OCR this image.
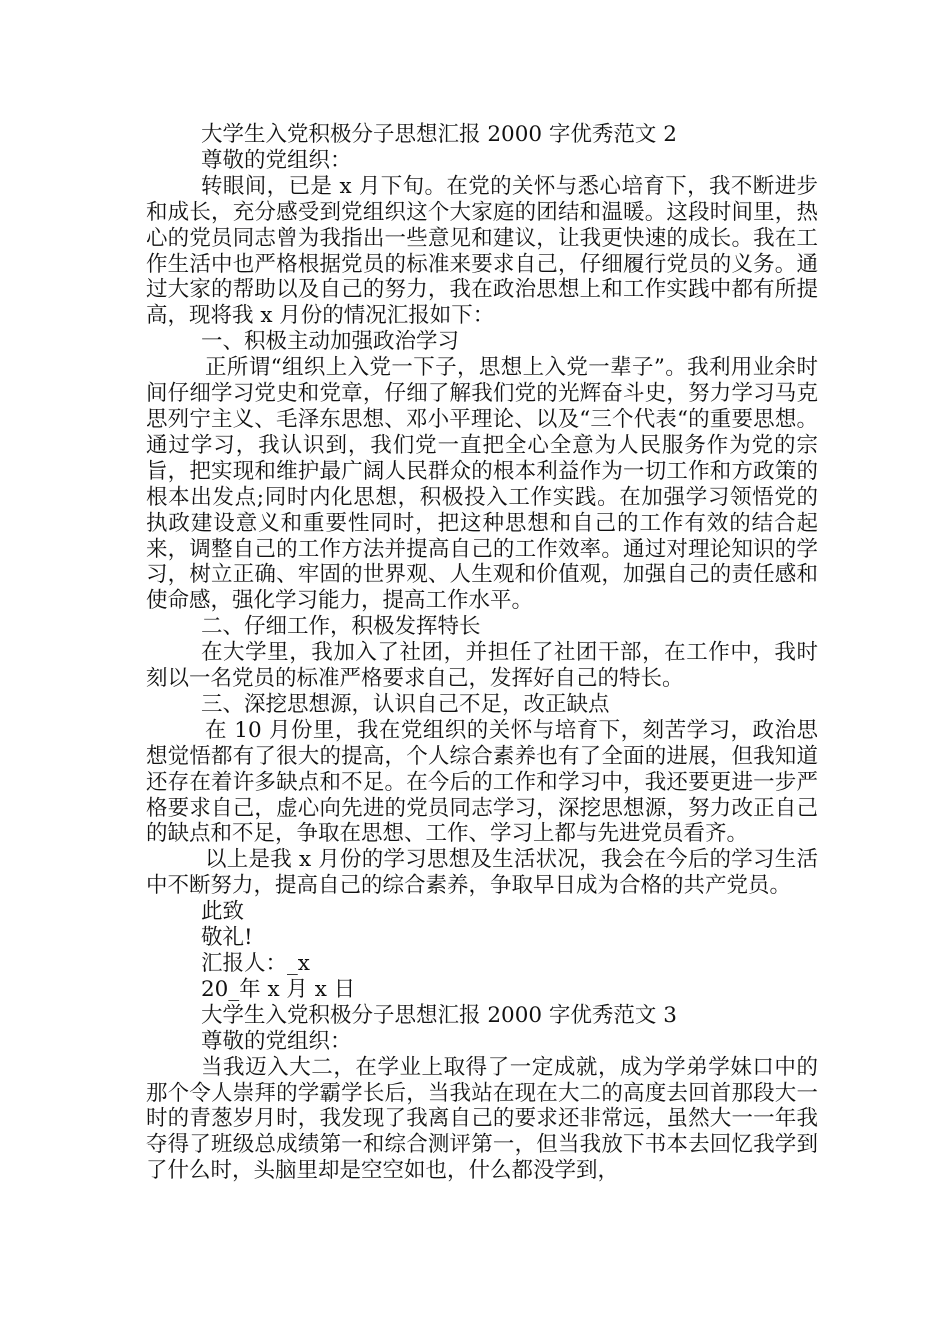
大学生入党积极分子思想汇报 2000 字优秀范文 2

尊敬的党组织：

转眼间，已是 x 月下旬。在党的关怀与悉心培育下，我不断进步和成长，充分感受到党组织这个大家庭的团结和温暖。这段时间里，热心的党员同志曾为我指出一些意见和建议，让我更快速的成长。我在工作生活中也严格根据党员的标准来要求自己，仔细履行党员的义务。通过大家的帮助以及自己的努力，我在政治思想上和工作实践中都有所提高，现将我 x 月份的情况汇报如下：

一、积极主动加强政治学习

正所谓“组织上入党一下子，思想上入党一辈子”。我利用业余时间仔细学习党史和党章，仔细了解我们党的光辉奋斗史，努力学习马克思列宁主义、毛泽东思想、邓小平理论、以及“三个代表“的重要思想。通过学习，我认识到，我们党一直把全心全意为人民服务作为党的宗旨，把实现和维护最广阔人民群众的根本利益作为一切工作和方政策的根本出发点;同时内化思想，积极投入工作实践。在加强学习领悟党的执政建设意义和重要性同时，把这种思想和自己的工作有效的结合起来，调整自己的工作方法并提高自己的工作效率。通过对理论知识的学习，树立正确、牢固的世界观、人生观和价值观，加强自己的责任感和使命感，强化学习能力，提高工作水平。

二、仔细工作，积极发挥特长

在大学里，我加入了社团，并担任了社团干部，在工作中，我时刻以一名党员的标准严格要求自己，发挥好自己的特长。

三、深挖思想源，认识自己不足，改正缺点

在 10 月份里，我在党组织的关怀与培育下，刻苦学习，政治思想觉悟都有了很大的提高，个人综合素养也有了全面的进展，但我知道还存在着许多缺点和不足。在今后的工作和学习中，我还要更进一步严格要求自己，虚心向先进的党员同志学习，深挖思想源，努力改正自己的缺点和不足，争取在思想、工作、学习上都与先进党员看齐。

以上是我 x 月份的学习思想及生活状况，我会在今后的学习生活中不断努力，提高自己的综合素养，争取早日成为合格的共产党员。

此致

敬礼!

汇报人：_x

20_年 x 月 x 日

大学生入党积极分子思想汇报 2000 字优秀范文 3

尊敬的党组织：

当我迈入大二，在学业上取得了一定成就，成为学弟学妹口中的那个令人崇拜的学霸学长后，当我站在现在大二的高度去回首那段大一时的青葱岁月时，我发现了我离自己的要求还非常远，虽然大一一年我夺得了班级总成绩第一和综合测评第一，但当我放下书本去回忆我学到了什么时，头脑里却是空空如也，什么都没学到，
